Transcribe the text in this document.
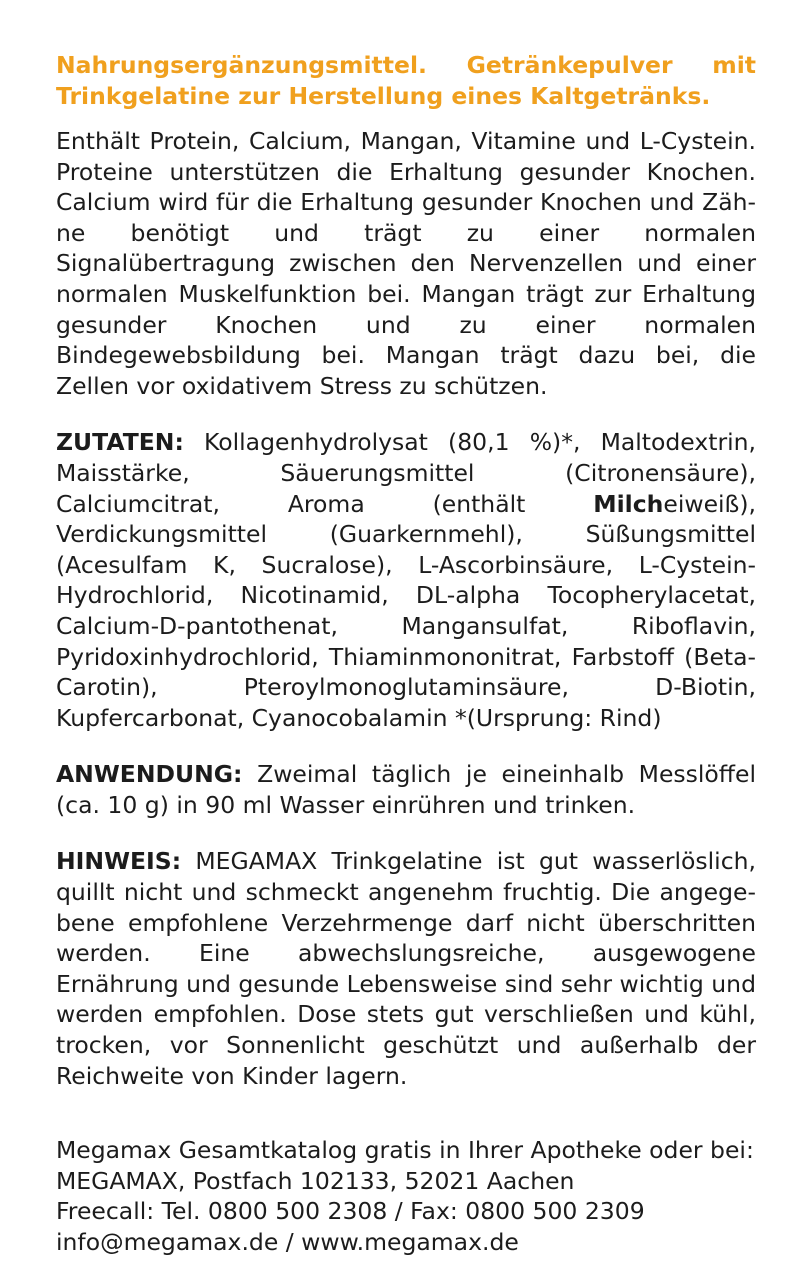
Nahrungsergänzungsmittel. Getränkepulver mit Trinkgelatine zur Herstellung eines Kaltgetränks.

Enthält Protein, Calcium, Mangan, Vitamine und L-Cystein. Proteine unterstützen die Erhaltung gesunder Knochen. Calcium wird für die Erhaltung gesunder Knochen und Zähne benötigt und trägt zu einer normalen Signalübertragung zwischen den Nervenzellen und einer normalen Muskelfunktion bei. Mangan trägt zur Erhaltung gesunder Knochen und zu einer normalen Bindegewebsbildung bei. Mangan trägt dazu bei, die Zellen vor oxidativem Stress zu schützen.

ZUTATEN: Kollagenhydrolysat (80,1 %)*, Maltodextrin, Maisstärke, Säuerungsmittel (Citronensäure), Calciumcitrat, Aroma (enthält Milcheiweiß), Verdickungsmittel (Guarkernmehl), Süßungsmittel (Acesulfam K, Sucralose), L-Ascorbinsäure, L-Cystein-Hydrochlorid, Nicotinamid, DL-alpha Tocopherylacetat, Calcium-D-pantothenat, Mangansulfat, Riboflavin, Pyridoxinhydrochlorid, Thiaminmononitrat, Farbstoff (Beta-Carotin), Pteroylmonoglutaminsäure, D-Biotin, Kupfercarbonat, Cyanocobalamin *(Ursprung: Rind)

ANWENDUNG: Zweimal täglich je eineinhalb Messlöffel (ca. 10 g) in 90 ml Wasser einrühren und trinken.

HINWEIS: MEGAMAX Trinkgelatine ist gut wasserlöslich, quillt nicht und schmeckt angenehm fruchtig. Die angegebene empfohlene Verzehrmenge darf nicht überschritten werden. Eine abwechslungsreiche, ausgewogene Ernährung und gesunde Lebensweise sind sehr wichtig und werden empfohlen. Dose stets gut verschließen und kühl, trocken, vor Sonnenlicht geschützt und außerhalb der Reichweite von Kinder lagern.

Megamax Gesamtkatalog gratis in Ihrer Apotheke oder bei:
MEGAMAX, Postfach 102133, 52021 Aachen
Freecall: Tel. 0800 500 2308 / Fax: 0800 500 2309
info@megamax.de / www.megamax.de
